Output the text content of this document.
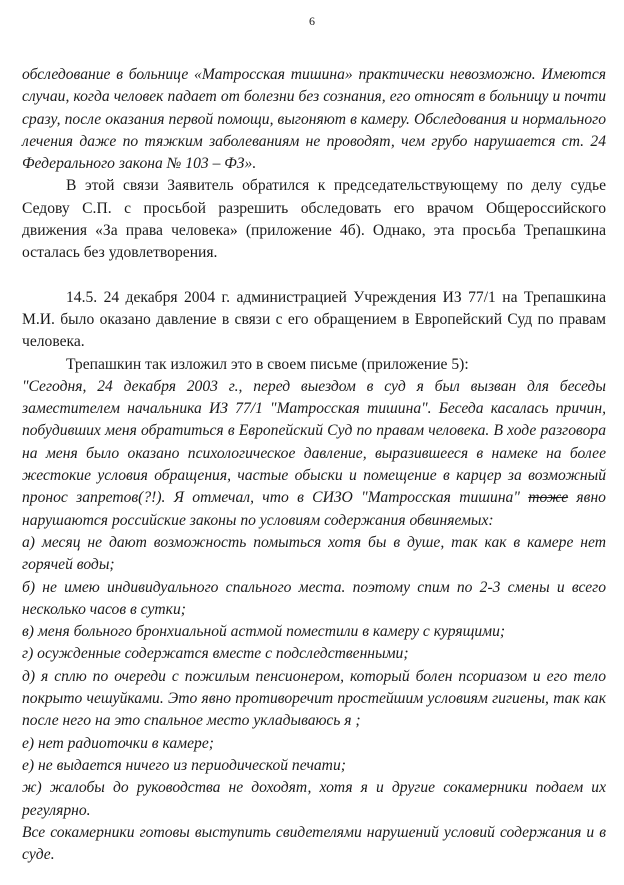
6

обследование в больнице «Матросская тишина» практически невозможно. Имеются случаи, когда человек падает от болезни без сознания, его относят в больницу и почти сразу, после оказания первой помощи, выгоняют в камеру. Обследования и нормального лечения даже по тяжким заболеваниям не проводят, чем грубо нарушается ст. 24 Федерального закона № 103 – ФЗ».

В этой связи Заявитель обратился к председательствующему по делу судье Седову С.П. с просьбой разрешить обследовать его врачом Общероссийского движения «За права человека» (приложение 4б). Однако, эта просьба Трепашкина осталась без удовлетворения.

14.5. 24 декабря 2004 г. администрацией Учреждения ИЗ 77/1 на Трепашкина М.И. было оказано давление в связи с его обращением в Европейский Суд по правам человека.

Трепашкин так изложил это в своем письме (приложение 5):

"Сегодня, 24 декабря 2003 г., перед выездом в суд я был вызван для беседы заместителем начальника ИЗ 77/1 "Матросская тишина". Беседа касалась причин, побудивших меня обратиться в Европейский Суд по правам человека. В ходе разговора на меня было оказано психологическое давление, выразившееся в намеке на более жестокие условия обращения, частые обыски и помещение в карцер за возможный пронос запретов(?!). Я отмечал, что в СИЗО "Матросская тишина" тоже явно нарушаются российские законы по условиям содержания обвиняемых:

а) месяц не дают возможность помыться хотя бы в душе, так как в камере нет горячей воды;

б) не имею индивидуального спального места. поэтому спим по 2-3 смены и всего несколько часов в сутки;

в) меня больного бронхиальной астмой поместили в камеру с курящими;

г) осужденные содержатся вместе с подследственными;

д) я сплю по очереди с пожилым пенсионером, который болен псориазом и его тело покрыто чешуйками. Это явно противоречит простейшим условиям гигиены, так как после него на это спальное место укладываюсь я ;

е) нет радиоточки в камере;

е) не выдается ничего из периодической печати;

ж) жалобы до руководства не доходят, хотя я и другие сокамерники подаем их регулярно.

Все сокамерники готовы выступить свидетелями нарушений условий содержания и в суде.
